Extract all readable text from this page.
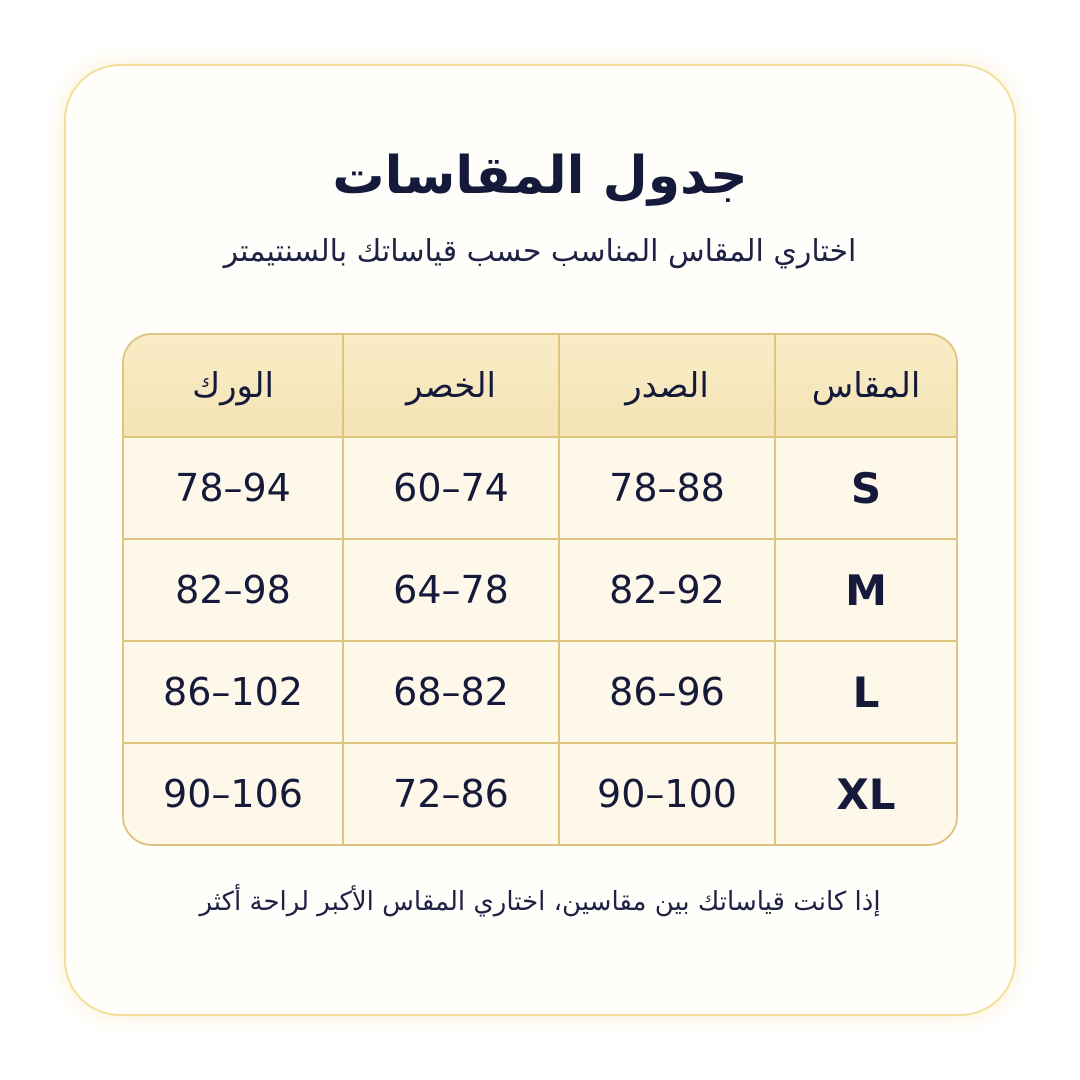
جدول المقاسات
اختاري المقاس المناسب حسب قياساتك بالسنتيمتر
المقاس
الصدر
الخصر
الورك
S
78–88
60–74
78–94
M
82–92
64–78
82–98
L
86–96
68–82
86–102
XL
90–100
72–86
90–106
إذا كانت قياساتك بين مقاسين، اختاري المقاس الأكبر لراحة أكثر
